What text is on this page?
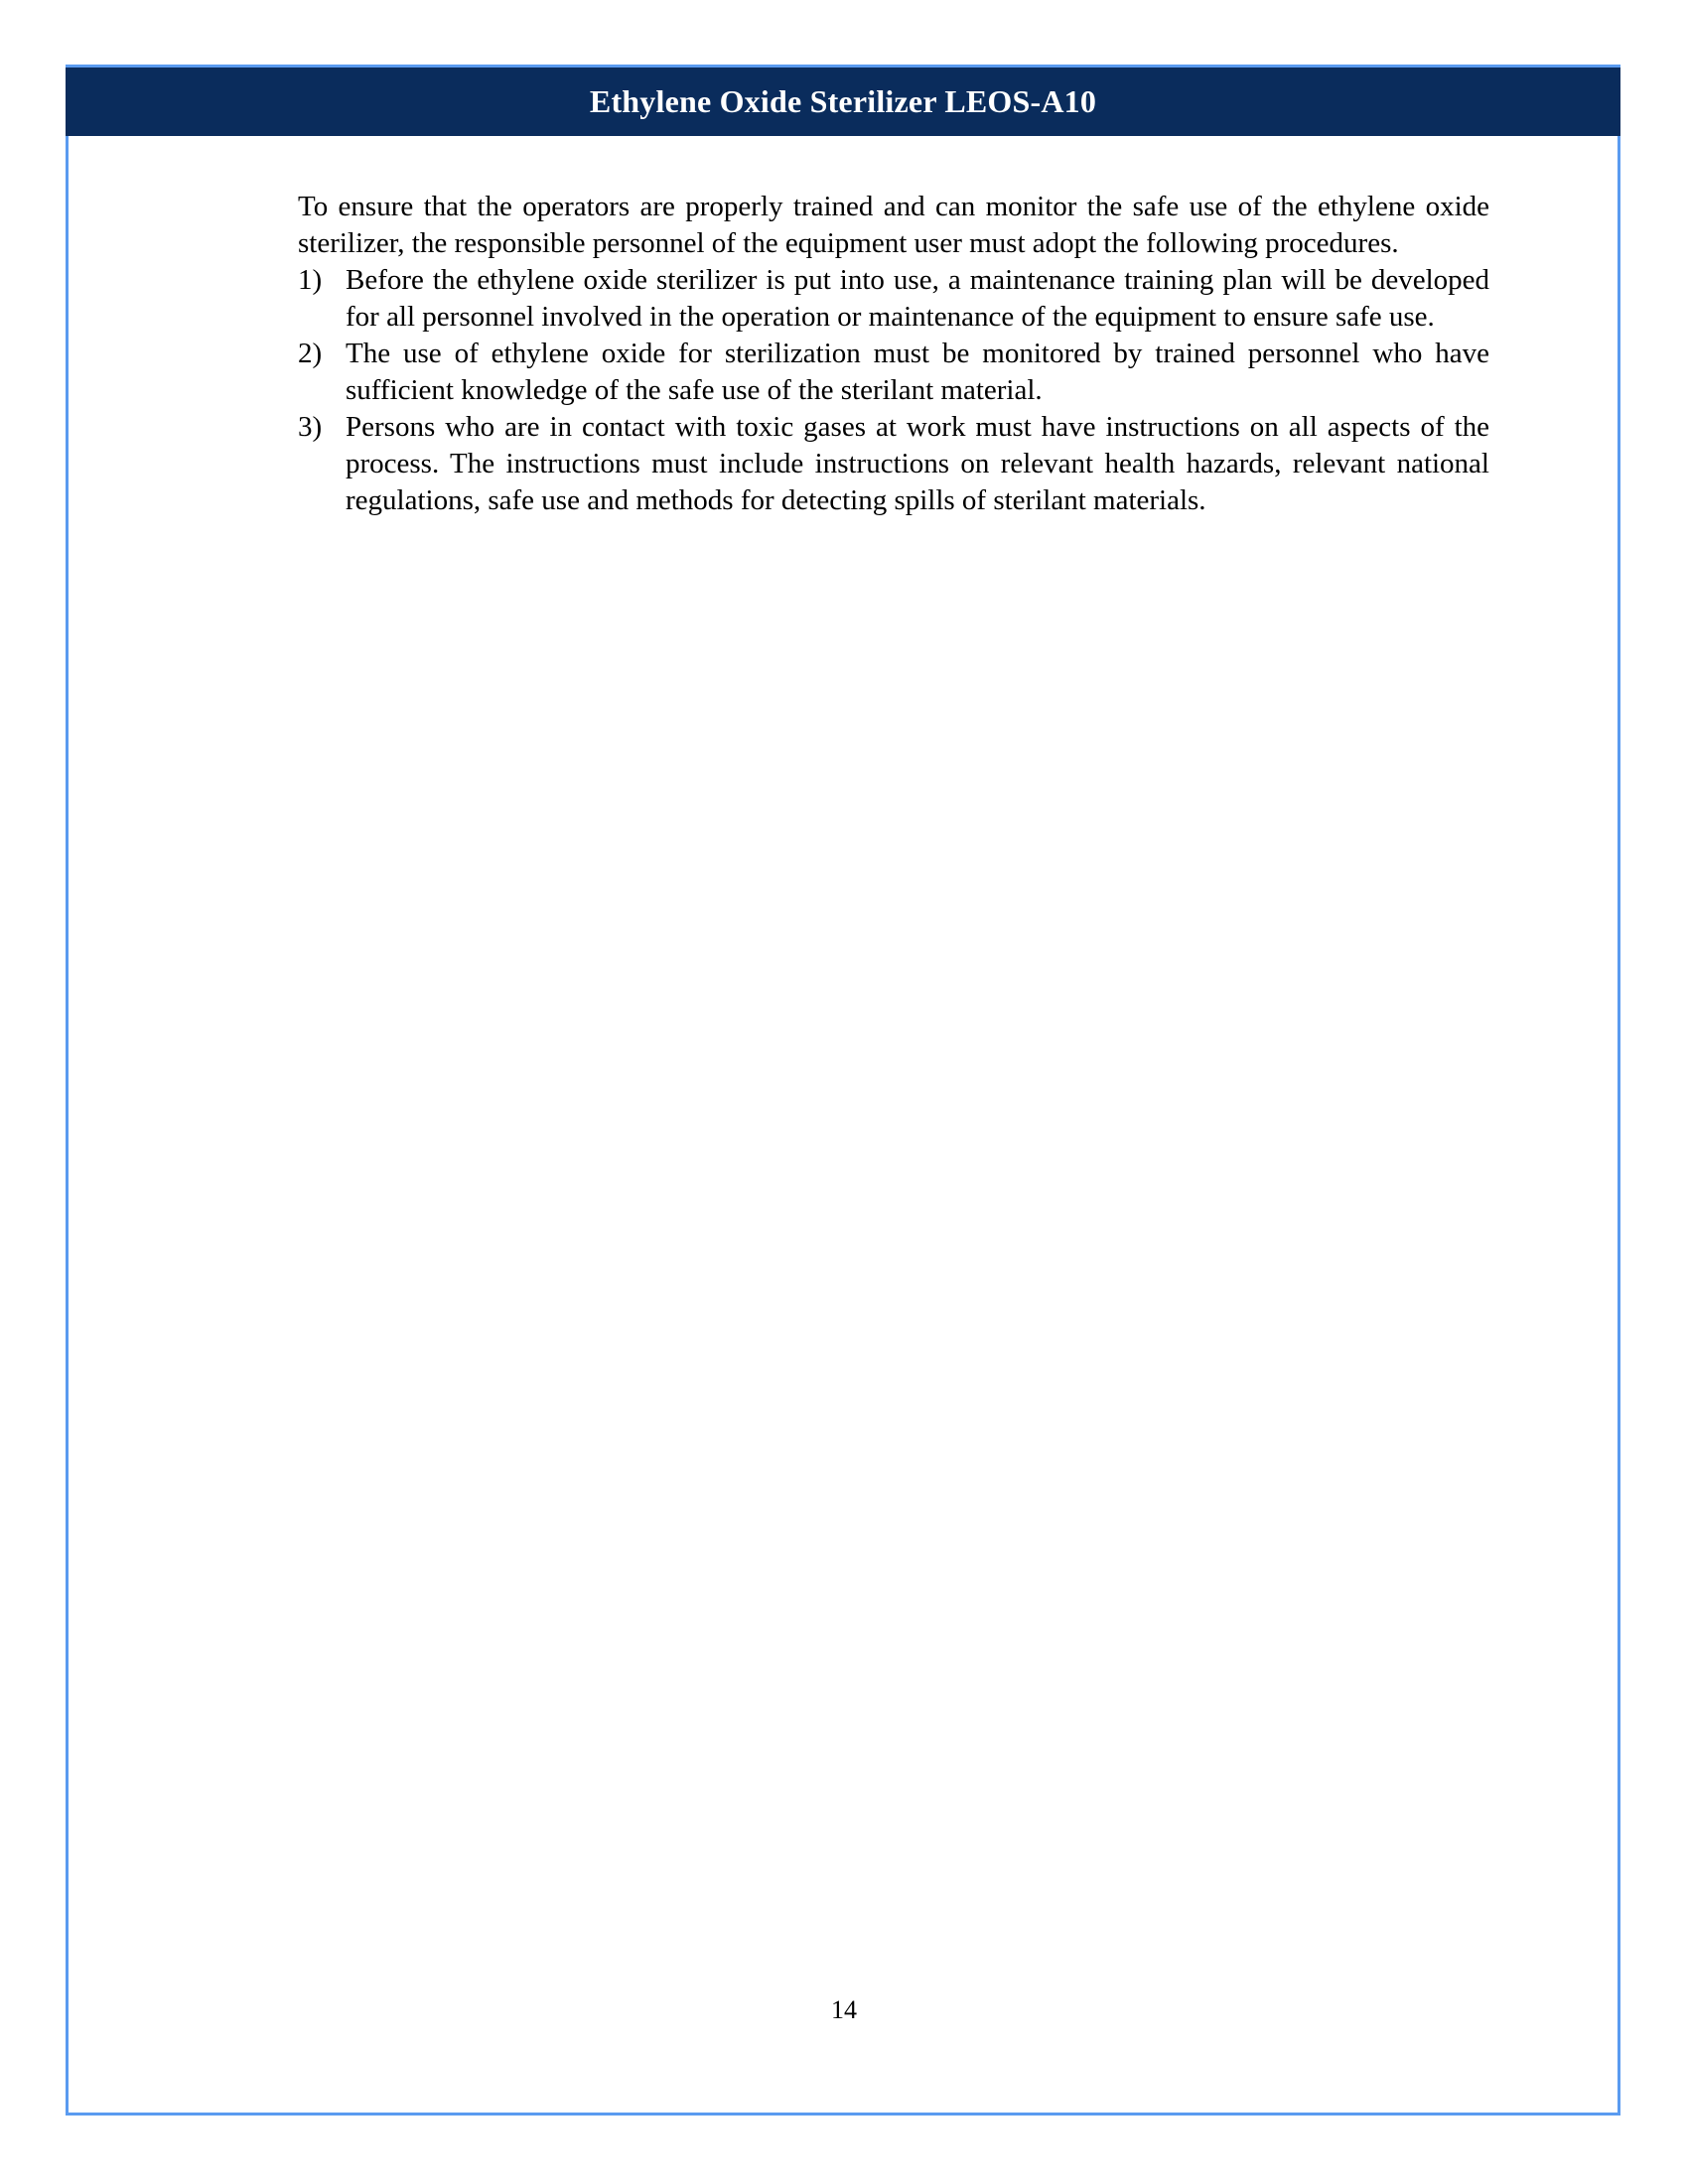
Ethylene Oxide Sterilizer LEOS-A10

To ensure that the operators are properly trained and can monitor the safe use of the ethylene oxide sterilizer, the responsible personnel of the equipment user must adopt the following procedures.

1) Before the ethylene oxide sterilizer is put into use, a maintenance training plan will be developed for all personnel involved in the operation or maintenance of the equipment to ensure safe use.
2) The use of ethylene oxide for sterilization must be monitored by trained personnel who have sufficient knowledge of the safe use of the sterilant material.
3) Persons who are in contact with toxic gases at work must have instructions on all aspects of the process. The instructions must include instructions on relevant health hazards, relevant national regulations, safe use and methods for detecting spills of sterilant materials.
14
